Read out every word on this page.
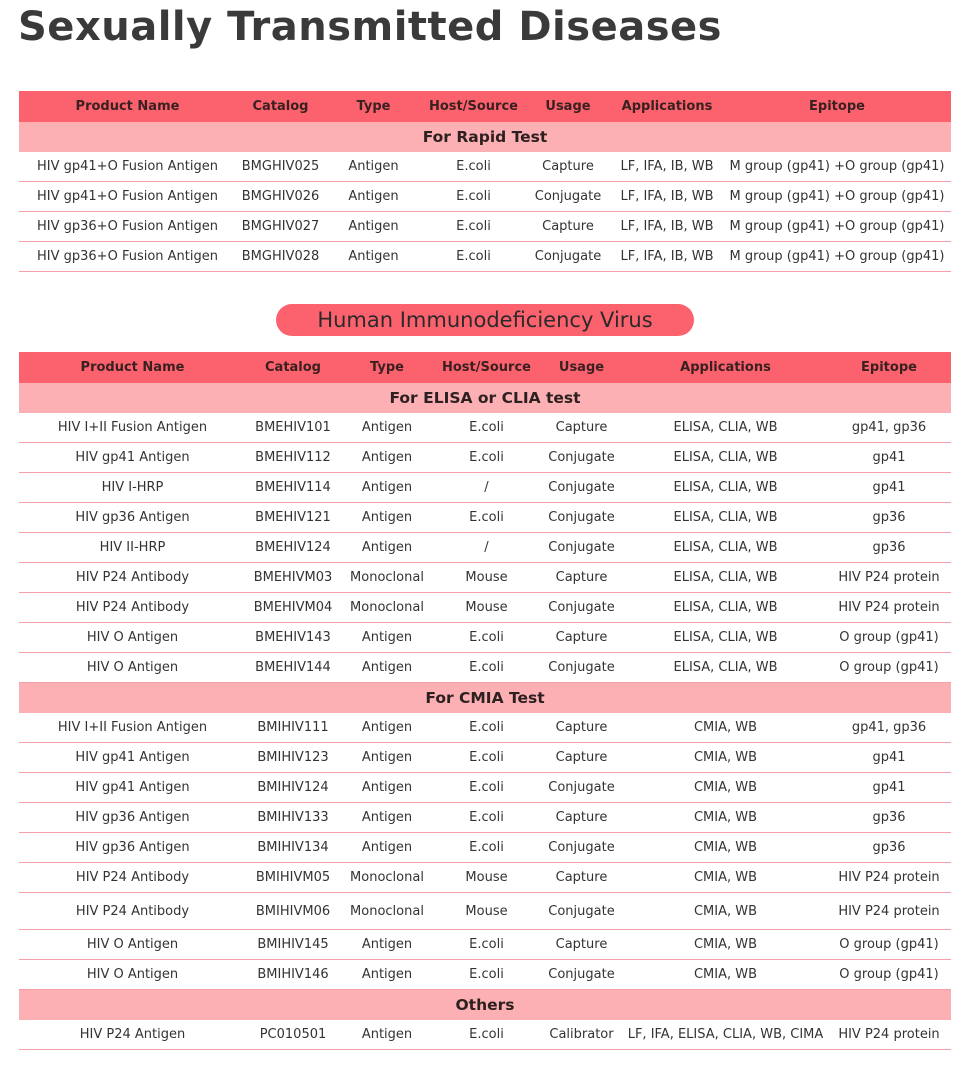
Sexually Transmitted Diseases
Product Name	Catalog	Type	Host/Source	Usage	Applications	Epitope
For Rapid Test						
HIV gp41+O Fusion Antigen	BMGHIV025	Antigen	E.coli	Capture	LF, IFA, IB, WB	M group (gp41) +O group (gp41)
HIV gp41+O Fusion Antigen	BMGHIV026	Antigen	E.coli	Conjugate	LF, IFA, IB, WB	M group (gp41) +O group (gp41)
HIV gp36+O Fusion Antigen	BMGHIV027	Antigen	E.coli	Capture	LF, IFA, IB, WB	M group (gp41) +O group (gp41)
HIV gp36+O Fusion Antigen	BMGHIV028	Antigen	E.coli	Conjugate	LF, IFA, IB, WB	M group (gp41) +O group (gp41)
Human Immunodeficiency Virus
Product Name	Catalog	Type	Host/Source	Usage	Applications	Epitope
For ELISA or CLIA test						
HIV I+II Fusion Antigen	BMEHIV101	Antigen	E.coli	Capture	ELISA, CLIA, WB	gp41, gp36
HIV gp41 Antigen	BMEHIV112	Antigen	E.coli	Conjugate	ELISA, CLIA, WB	gp41
HIV I-HRP	BMEHIV114	Antigen	/	Conjugate	ELISA, CLIA, WB	gp41
HIV gp36 Antigen	BMEHIV121	Antigen	E.coli	Conjugate	ELISA, CLIA, WB	gp36
HIV II-HRP	BMEHIV124	Antigen	/	Conjugate	ELISA, CLIA, WB	gp36
HIV P24 Antibody	BMEHIVM03	Monoclonal	Mouse	Capture	ELISA, CLIA, WB	HIV P24 protein
HIV P24 Antibody	BMEHIVM04	Monoclonal	Mouse	Conjugate	ELISA, CLIA, WB	HIV P24 protein
HIV O Antigen	BMEHIV143	Antigen	E.coli	Capture	ELISA, CLIA, WB	O group (gp41)
HIV O Antigen	BMEHIV144	Antigen	E.coli	Conjugate	ELISA, CLIA, WB	O group (gp41)
For CMIA Test						
HIV I+II Fusion Antigen	BMIHIV111	Antigen	E.coli	Capture	CMIA, WB	gp41, gp36
HIV gp41 Antigen	BMIHIV123	Antigen	E.coli	Capture	CMIA, WB	gp41
HIV gp41 Antigen	BMIHIV124	Antigen	E.coli	Conjugate	CMIA, WB	gp41
HIV gp36 Antigen	BMIHIV133	Antigen	E.coli	Capture	CMIA, WB	gp36
HIV gp36 Antigen	BMIHIV134	Antigen	E.coli	Conjugate	CMIA, WB	gp36
HIV P24 Antibody	BMIHIVM05	Monoclonal	Mouse	Capture	CMIA, WB	HIV P24 protein
HIV P24 Antibody	BMIHIVM06	Monoclonal	Mouse	Conjugate	CMIA, WB	HIV P24 protein
HIV O Antigen	BMIHIV145	Antigen	E.coli	Capture	CMIA, WB	O group (gp41)
HIV O Antigen	BMIHIV146	Antigen	E.coli	Conjugate	CMIA, WB	O group (gp41)
Others						
HIV P24 Antigen	PC010501	Antigen	E.coli	Calibrator	LF, IFA, ELISA, CLIA, WB, CIMA	HIV P24 protein
